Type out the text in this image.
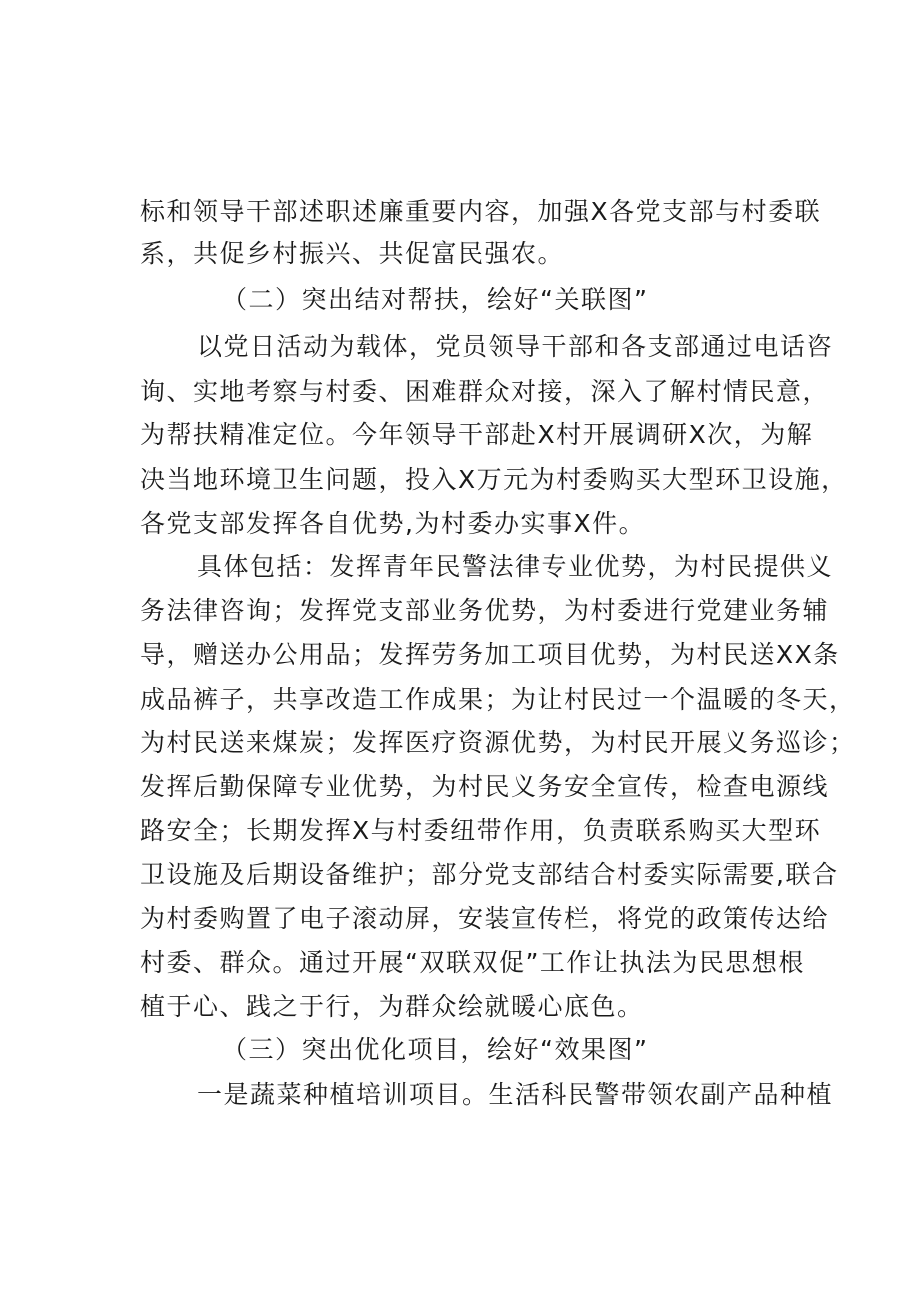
标和领导干部述职述廉重要内容，加强X各党支部与村委联
系，共促乡村振兴、共促富民强农。
（二）突出结对帮扶，绘好“关联图”
以党日活动为载体，党员领导干部和各支部通过电话咨
询、实地考察与村委、困难群众对接，深入了解村情民意，
为帮扶精准定位。今年领导干部赴X村开展调研X次，为解
决当地环境卫生问题，投入X万元为村委购买大型环卫设施，
各党支部发挥各自优势,为村委办实事X件。
具体包括：发挥青年民警法律专业优势，为村民提供义
务法律咨询；发挥党支部业务优势，为村委进行党建业务辅
导，赠送办公用品；发挥劳务加工项目优势，为村民送XX条
成品裤子，共享改造工作成果；为让村民过一个温暖的冬天，
为村民送来煤炭；发挥医疗资源优势，为村民开展义务巡诊；
发挥后勤保障专业优势，为村民义务安全宣传，检查电源线
路安全；长期发挥X与村委纽带作用，负责联系购买大型环
卫设施及后期设备维护；部分党支部结合村委实际需要,联合
为村委购置了电子滚动屏，安装宣传栏，将党的政策传达给
村委、群众。通过开展“双联双促”工作让执法为民思想根
植于心、践之于行，为群众绘就暖心底色。
（三）突出优化项目，绘好“效果图”
一是蔬菜种植培训项目。生活科民警带领农副产品种植
